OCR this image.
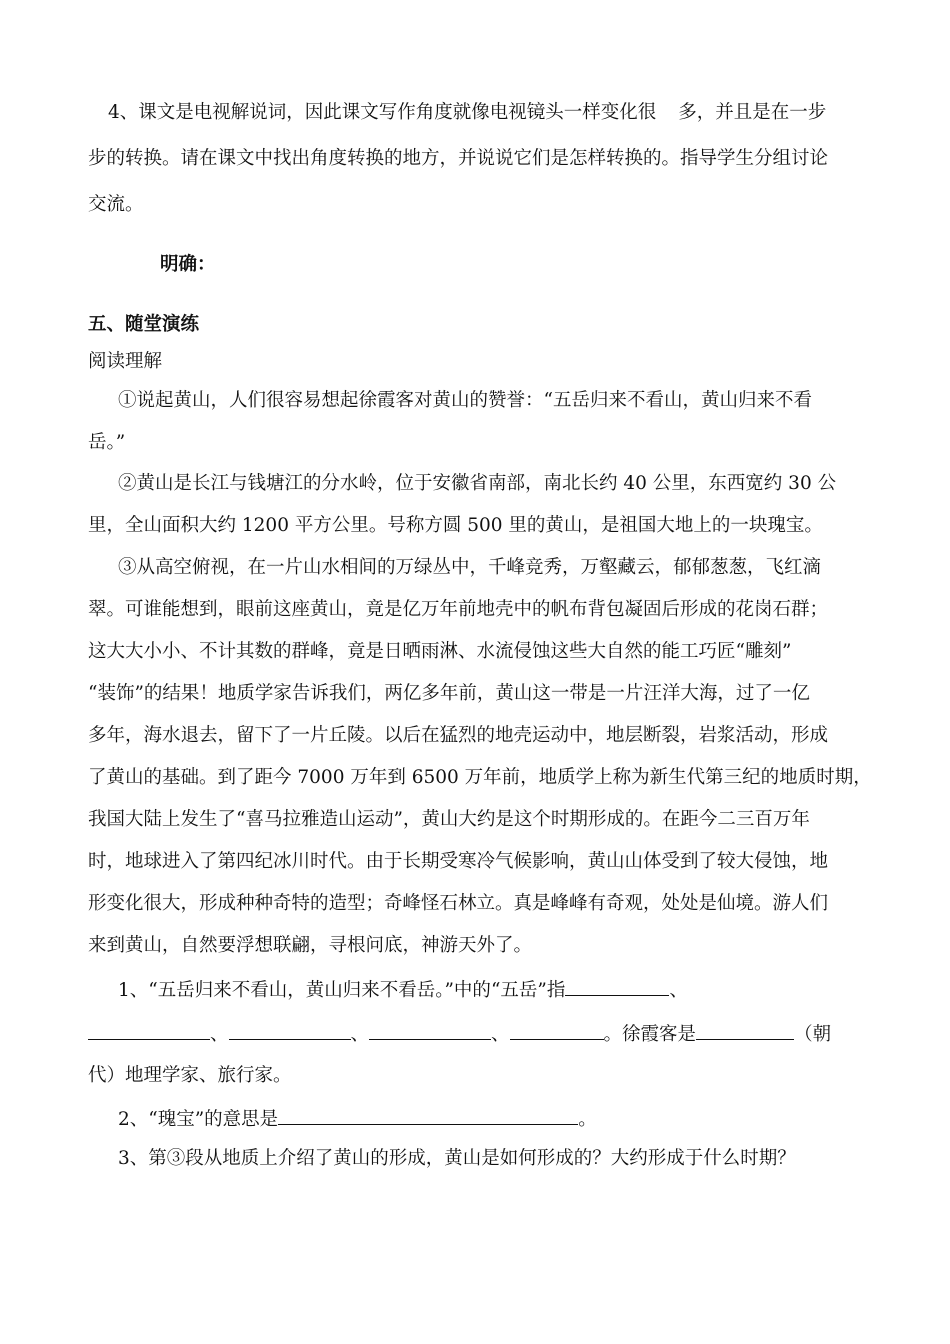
4、课文是电视解说词，因此课文写作角度就像电视镜头一样变化很 多，并且是在一步
步的转换。请在课文中找出角度转换的地方，并说说它们是怎样转换的。指导学生分组讨论
交流。
明确：
五、随堂演练
阅读理解
①说起黄山，人们很容易想起徐霞客对黄山的赞誉：“五岳归来不看山，黄山归来不看
岳。”
②黄山是长江与钱塘江的分水岭，位于安徽省南部，南北长约 40 公里，东西宽约 30 公
里，全山面积大约 1200 平方公里。号称方圆 500 里的黄山，是祖国大地上的一块瑰宝。
③从高空俯视，在一片山水相间的万绿丛中，千峰竞秀，万壑藏云，郁郁葱葱，飞红滴
翠。可谁能想到，眼前这座黄山，竟是亿万年前地壳中的帆布背包凝固后形成的花岗石群；
这大大小小、不计其数的群峰，竟是日晒雨淋、水流侵蚀这些大自然的能工巧匠“雕刻”
“装饰”的结果！地质学家告诉我们，两亿多年前，黄山这一带是一片汪洋大海，过了一亿
多年，海水退去，留下了一片丘陵。以后在猛烈的地壳运动中，地层断裂，岩浆活动，形成
了黄山的基础。到了距今 7000 万年到 6500 万年前，地质学上称为新生代第三纪的地质时期，
我国大陆上发生了“喜马拉雅造山运动”，黄山大约是这个时期形成的。在距今二三百万年
时，地球进入了第四纪冰川时代。由于长期受寒冷气候影响，黄山山体受到了较大侵蚀，地
形变化很大，形成种种奇特的造型；奇峰怪石林立。真是峰峰有奇观，处处是仙境。游人们
来到黄山，自然要浮想联翩，寻根问底，神游天外了。
1、“五岳归来不看山，黄山归来不看岳。”中的“五岳”指	、
、	、	、	。徐霞客是	（朝
代）地理学家、旅行家。
2、“瑰宝”的意思是	。
3、第③段从地质上介绍了黄山的形成，黄山是如何形成的？大约形成于什么时期？
